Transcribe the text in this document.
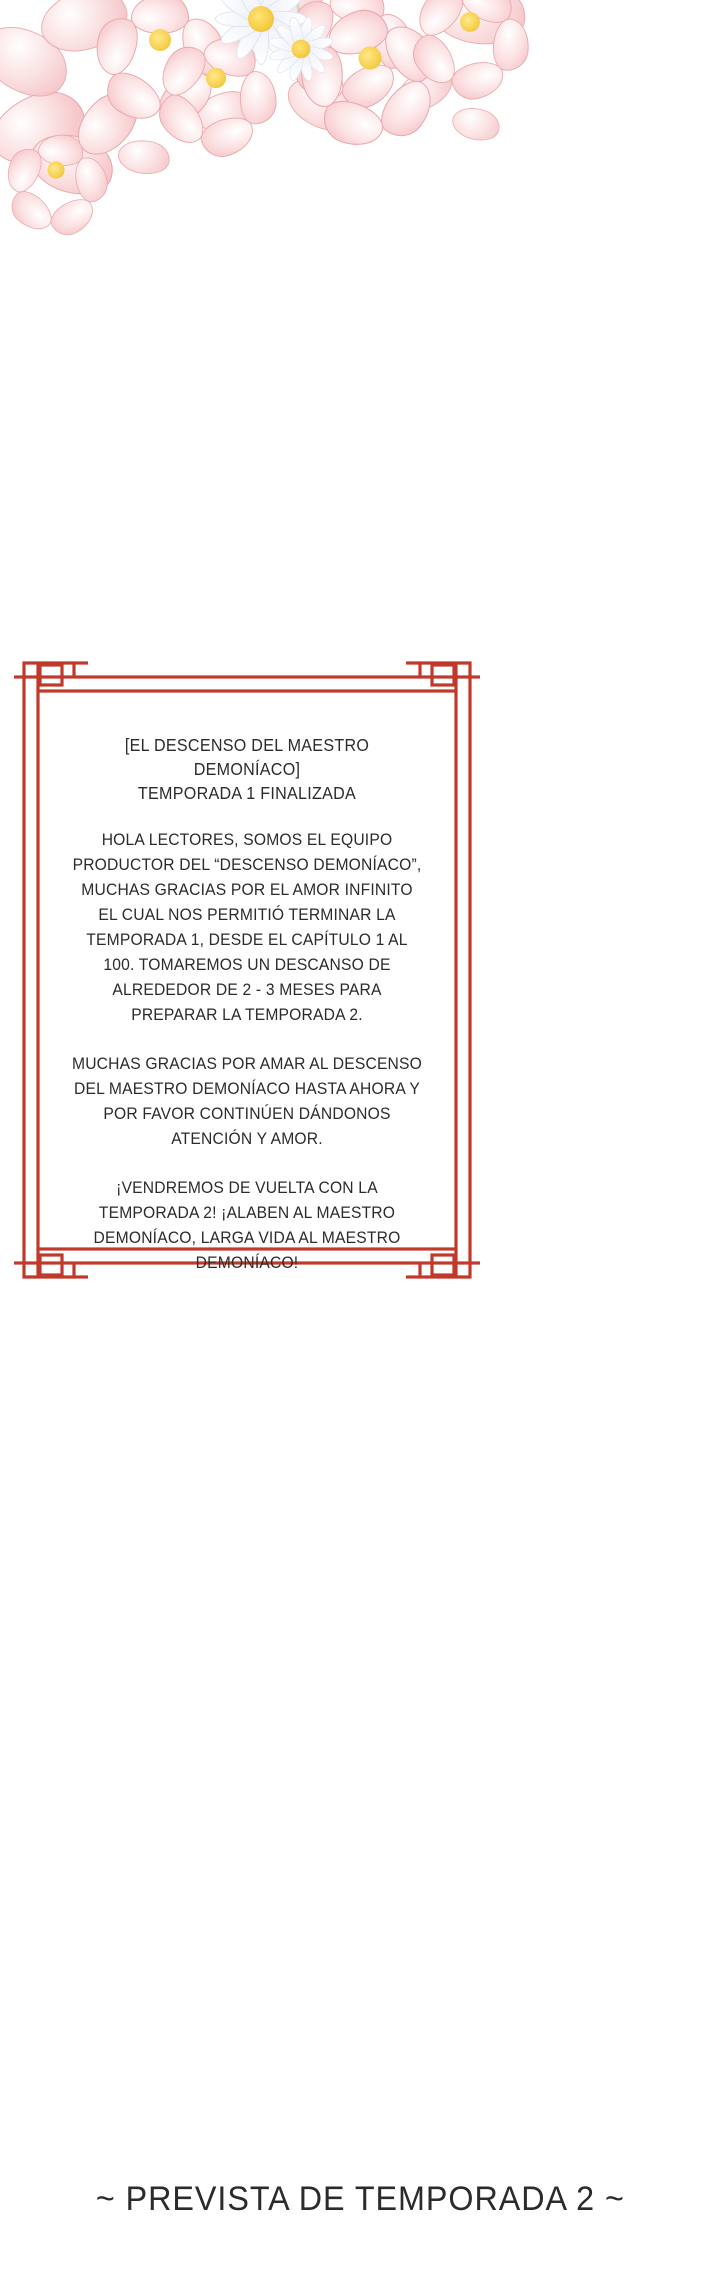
[EL DESCENSO DEL MAESTRO DEMONÍACO]
TEMPORADA 1 FINALIZADA
HOLA LECTORES, SOMOS EL EQUIPO PRODUCTOR DEL “DESCENSO DEMONÍACO”, MUCHAS GRACIAS POR EL AMOR INFINITO EL CUAL NOS PERMITIÓ TERMINAR LA TEMPORADA 1, DESDE EL CAPÍTULO 1 AL 100. TOMAREMOS UN DESCANSO DE ALREDEDOR DE 2 - 3 MESES PARA PREPARAR LA TEMPORADA 2.
MUCHAS GRACIAS POR AMAR AL DESCENSO DEL MAESTRO DEMONÍACO HASTA AHORA Y POR FAVOR CONTINÚEN DÁNDONOS ATENCIÓN Y AMOR.
¡VENDREMOS DE VUELTA CON LA TEMPORADA 2! ¡ALABEN AL MAESTRO DEMONÍACO, LARGA VIDA AL MAESTRO DEMONÍACO!
~ PREVISTA DE TEMPORADA 2 ~
